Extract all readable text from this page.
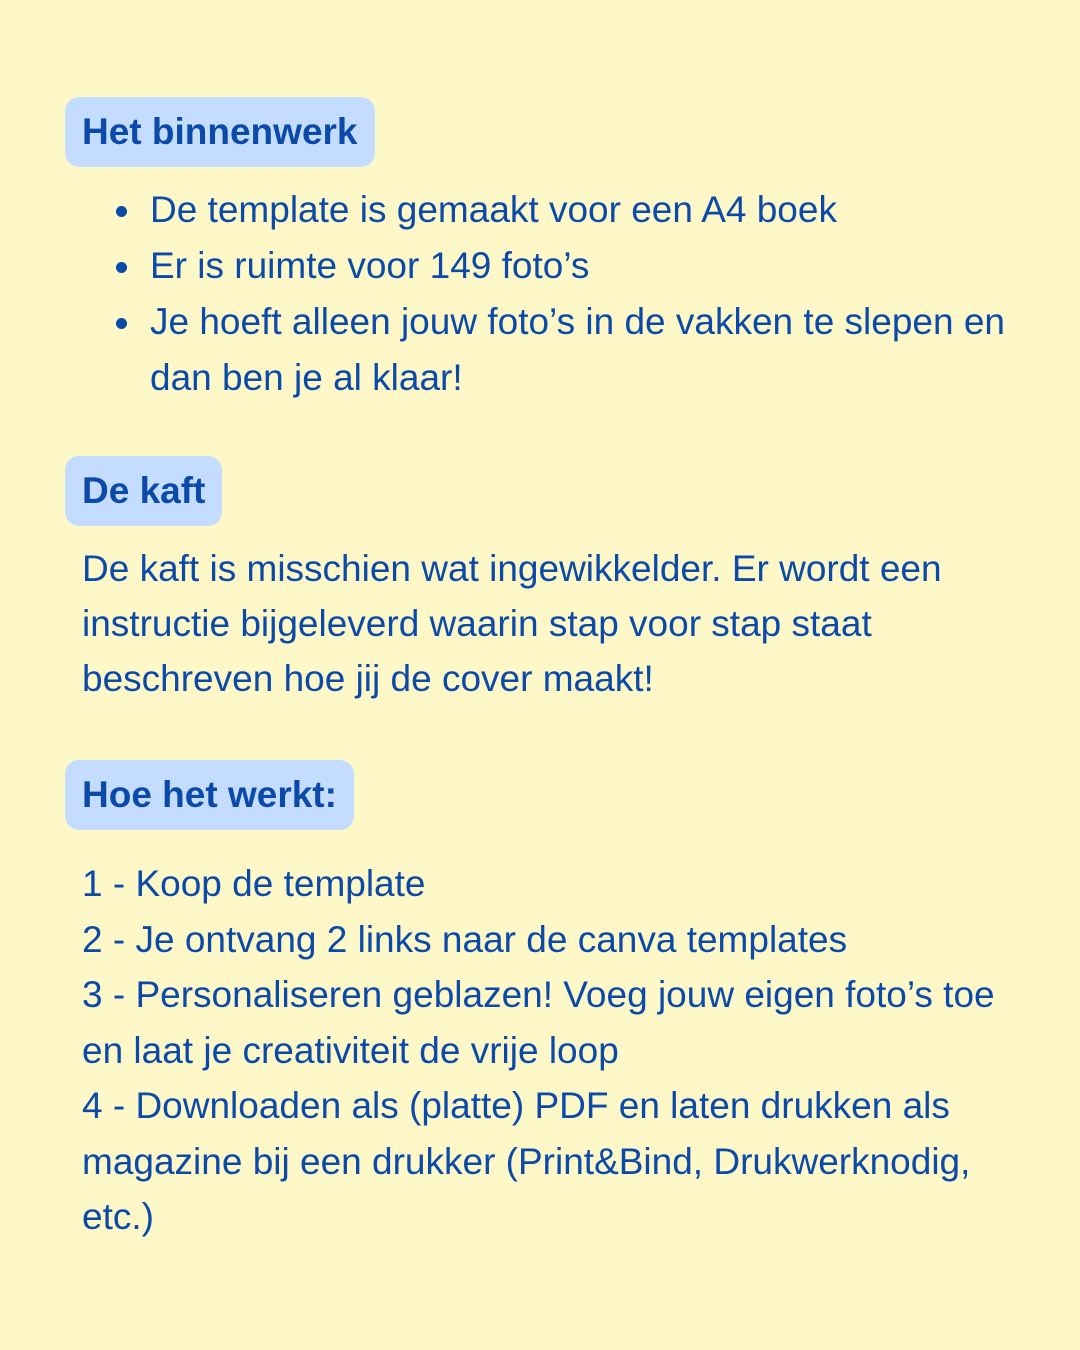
Het binnenwerk
De template is gemaakt voor een A4 boek
Er is ruimte voor 149 foto’s
Je hoeft alleen jouw foto’s in de vakken te slepen en dan ben je al klaar!
De kaft

De kaft is misschien wat ingewikkelder. Er wordt een instructie bijgeleverd waarin stap voor stap staat beschreven hoe jij de cover maakt!

Hoe het werkt:
1 - Koop de template
2 - Je ontvang 2 links naar de canva templates
3 - Personaliseren geblazen! Voeg jouw eigen foto’s toe en laat je creativiteit de vrije loop
4 - Downloaden als (platte) PDF en laten drukken als magazine bij een drukker (Print&Bind, Drukwerknodig, etc.)
